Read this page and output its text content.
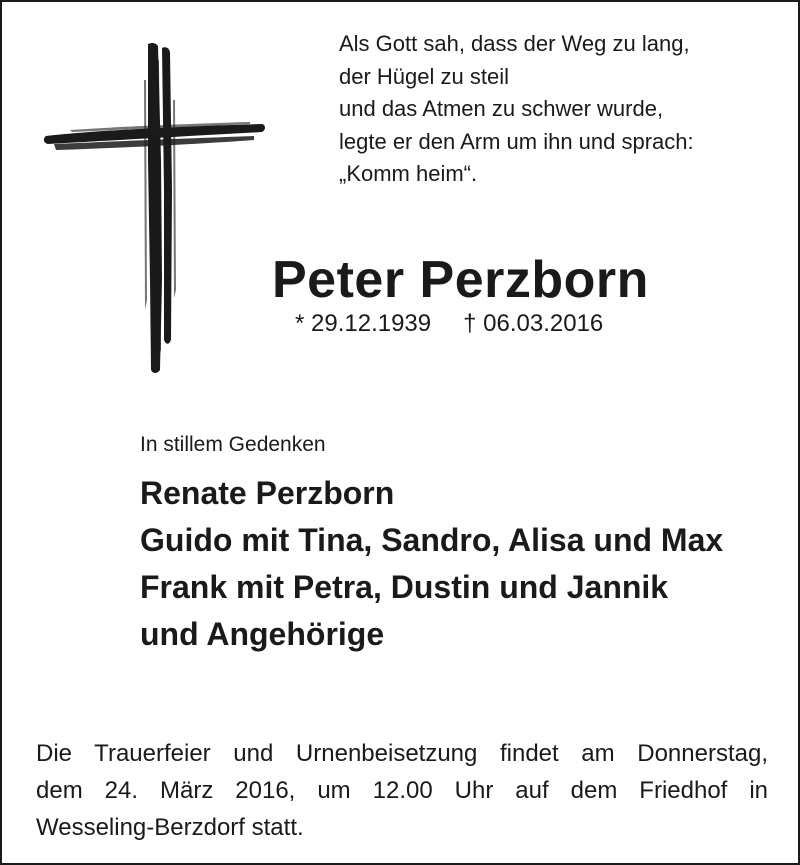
Als Gott sah, dass der Weg zu lang,
der Hügel zu steil
und das Atmen zu schwer wurde,
legte er den Arm um ihn und sprach:
„Komm heim“.
Peter Perzborn
* 29.12.1939 † 06.03.2016
In stillem Gedenken
Renate Perzborn
Guido mit Tina, Sandro, Alisa und Max
Frank mit Petra, Dustin und Jannik
und Angehörige
Die Trauerfeier und Urnenbeisetzung findet am Donnerstag,
dem 24. März 2016, um 12.00 Uhr auf dem Friedhof in
Wesseling-Berzdorf statt.
